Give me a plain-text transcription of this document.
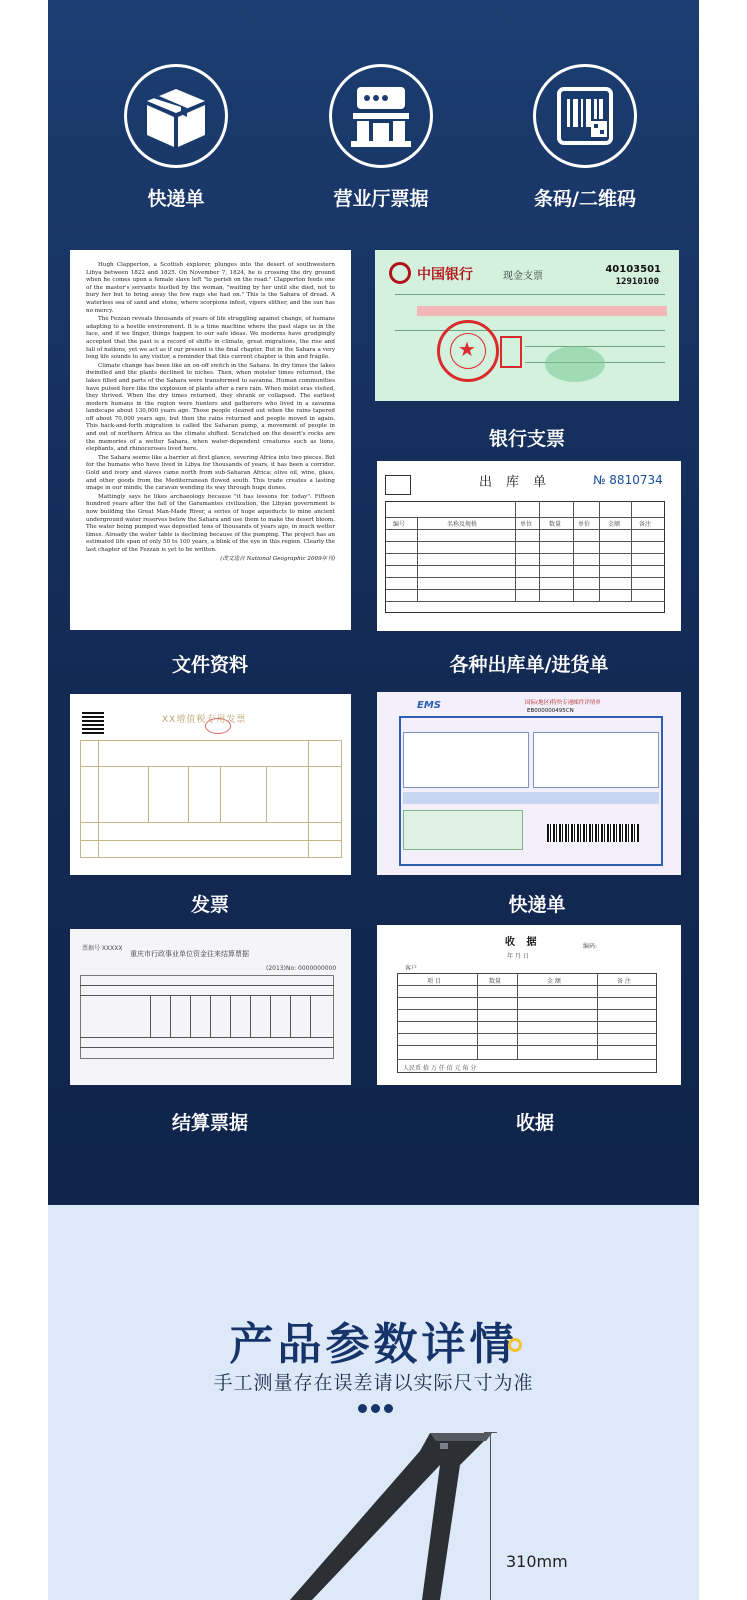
快递单	营业厅票据	条码/二维码

Hugh Clapperton, a Scottish explorer, plunges into the desert of southwestern Libya between 1822 and 1825. On November 7, 1824, he is crossing the dry ground when he comes upon a female slave left "to perish on the road." Clapperton feeds one of the master's servants hustled by the woman, "waiting by her until she died, not to bury her but to bring away the few rags she had on." This is the Sahara of dread. A waterless sea of sand and stone, where scorpions infest, vipers slither, and the sun has no mercy.

The Fezzan reveals thousands of years of life struggling against change, of humans adapting to a hostile environment. It is a time machine where the past slaps us in the face, and if we linger, things happen to our safe ideas. We moderns have grudgingly accepted that the past is a record of shifts in climate, great migrations, the rise and fall of nations, yet we act as if our present is the final chapter. But in the Sahara a very long life sounds to any visitor, a reminder that this current chapter is thin and fragile.

Climate change has been like an on-off switch in the Sahara. In dry times the lakes dwindled and the plants declined to niches. Then, when moister times returned, the lakes filled and parts of the Sahara were transformed to savanna. Human communities have pulsed here like the explosion of plants after a rare rain. When moist eras visited, they thrived. When the dry times returned, they shrank or collapsed. The earliest modern humans in the region were hunters and gatherers who lived in a savanna landscape about 130,000 years ago. Those people cleared out when the rains tapered off about 70,000 years ago, but then the rains returned and people moved in again. This back-and-forth migration is called the Saharan pump, a movement of people in and out of northern Africa as the climate shifted. Scratched on the desert's rocks are the memories of a wetter Sahara, when water-dependent creatures such as lions, elephants, and rhinoceroses lived here.

The Sahara seems like a barrier at first glance, severing Africa into two pieces. But for the humans who have lived in Libya for thousands of years, it has been a corridor. Gold and ivory and slaves came north from sub-Saharan Africa; olive oil, wine, glass, and other goods from the Mediterranean flowed south. This trade creates a lasting image in our minds; the caravan wending its way through huge dunes.

Mattingly says he likes archaeology because "it has lessons for today". Fifteen hundred years after the fall of the Garamantes civilization, the Libyan government is now building the Great Man-Made River, a series of huge aqueducts to mine ancient underground water reserves below the Sahara and use them to make the desert bloom. The water being pumped was deposited tens of thousands of years ago, in much wetter times. Already the water table is declining because of the pumping. The project has an estimated life span of only 50 to 100 years, a blink of the eye in this region. Clearly the last chapter of the Fezzan is yet to be written.

(改文选自 National Geographic 2009年刊)
文件资料
中国银行	现金支票
40103501
12910100
★
银行支票
出库单	№ 8810734
编号	名称及规格	单位	数量	单价	金额	备注
各种出库单/进货单
XX增值税专用发票
发票
EMS	国际(地区)特快专递邮件详情单
EB000000495CN
快递单
票据号 XXXXX
重庆市行政事业单位资金往来结算票据
(2013)No: 0000000000
结算票据
收 据	编码:
年 月 日
客户
项 目	数量	金 额	备 注
人民币 拾 万 仟 佰 元 角 分
收据
产品参数详情
手工测量存在误差请以实际尺寸为准
310mm
